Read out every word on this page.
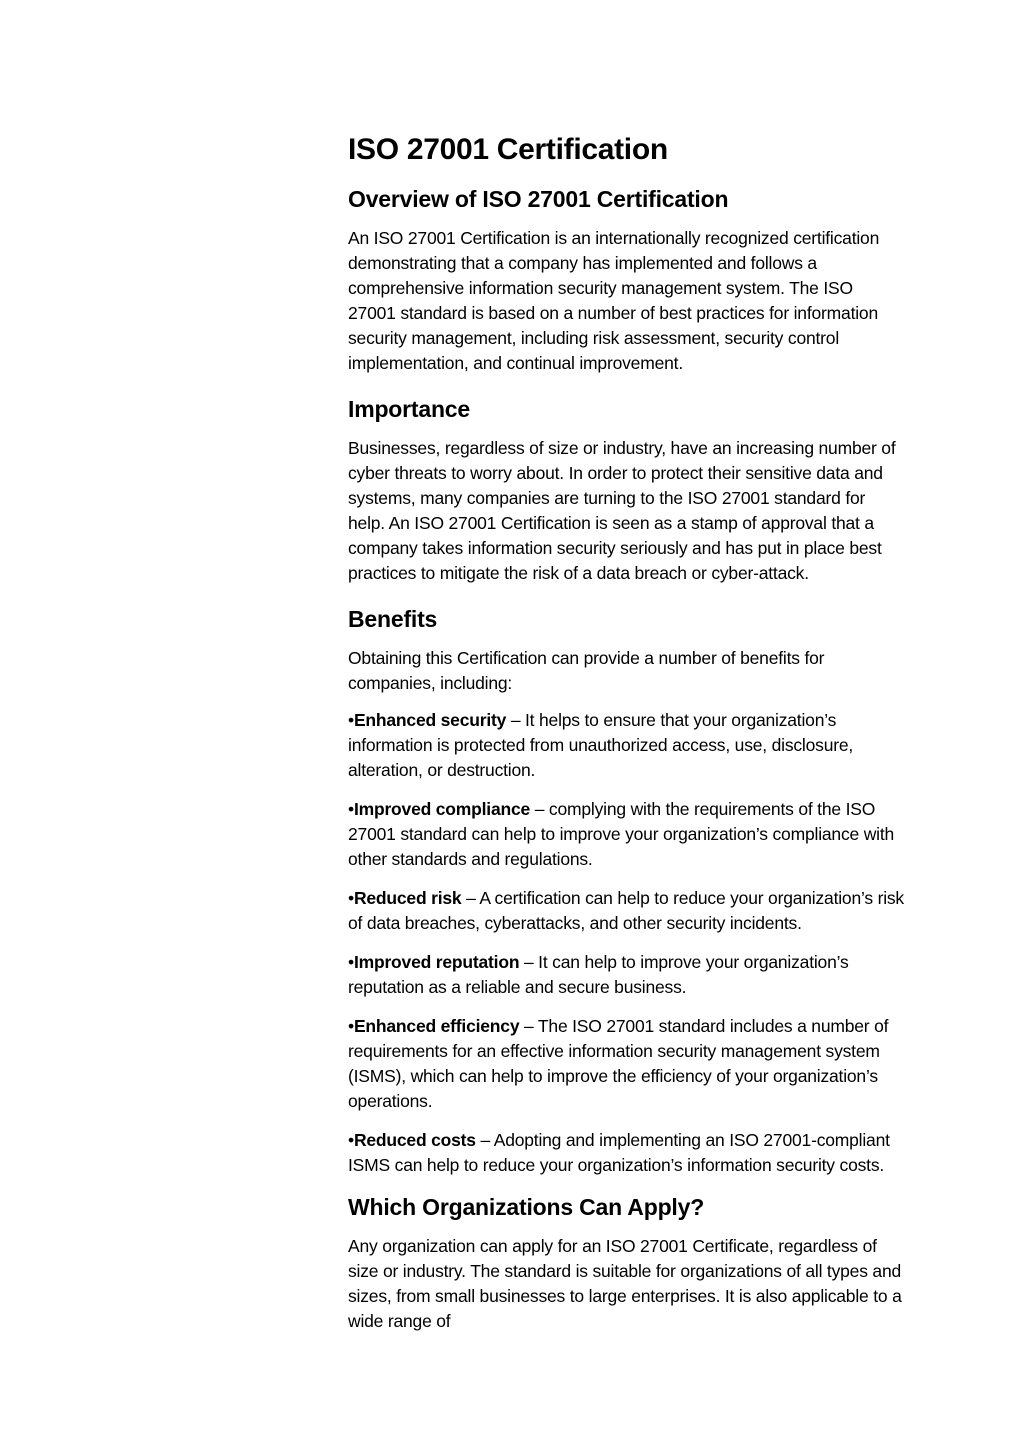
ISO 27001 Certification
Overview of ISO 27001 Certification

An ISO 27001 Certification is an internationally recognized certification demonstrating that a company has implemented and follows a comprehensive information security management system. The ISO 27001 standard is based on a number of best practices for information security management, including risk assessment, security control implementation, and continual improvement.

Importance

Businesses, regardless of size or industry, have an increasing number of cyber threats to worry about. In order to protect their sensitive data and systems, many companies are turning to the ISO 27001 standard for help. An ISO 27001 Certification is seen as a stamp of approval that a company takes information security seriously and has put in place best practices to mitigate the risk of a data breach or cyber-attack.

Benefits

Obtaining this Certification can provide a number of benefits for companies, including:

•Enhanced security – It helps to ensure that your organization’s information is protected from unauthorized access, use, disclosure, alteration, or destruction.
•Improved compliance – complying with the requirements of the ISO 27001 standard can help to improve your organization’s compliance with other standards and regulations.
•Reduced risk – A certification can help to reduce your organization’s risk of data breaches, cyberattacks, and other security incidents.
•Improved reputation – It can help to improve your organization’s reputation as a reliable and secure business.
•Enhanced efficiency – The ISO 27001 standard includes a number of requirements for an effective information security management system (ISMS), which can help to improve the efficiency of your organization’s operations.
•Reduced costs – Adopting and implementing an ISO 27001-compliant ISMS can help to reduce your organization’s information security costs.
Which Organizations Can Apply?

Any organization can apply for an ISO 27001 Certificate, regardless of size or industry. The standard is suitable for organizations of all types and sizes, from small businesses to large enterprises. It is also applicable to a wide range of
